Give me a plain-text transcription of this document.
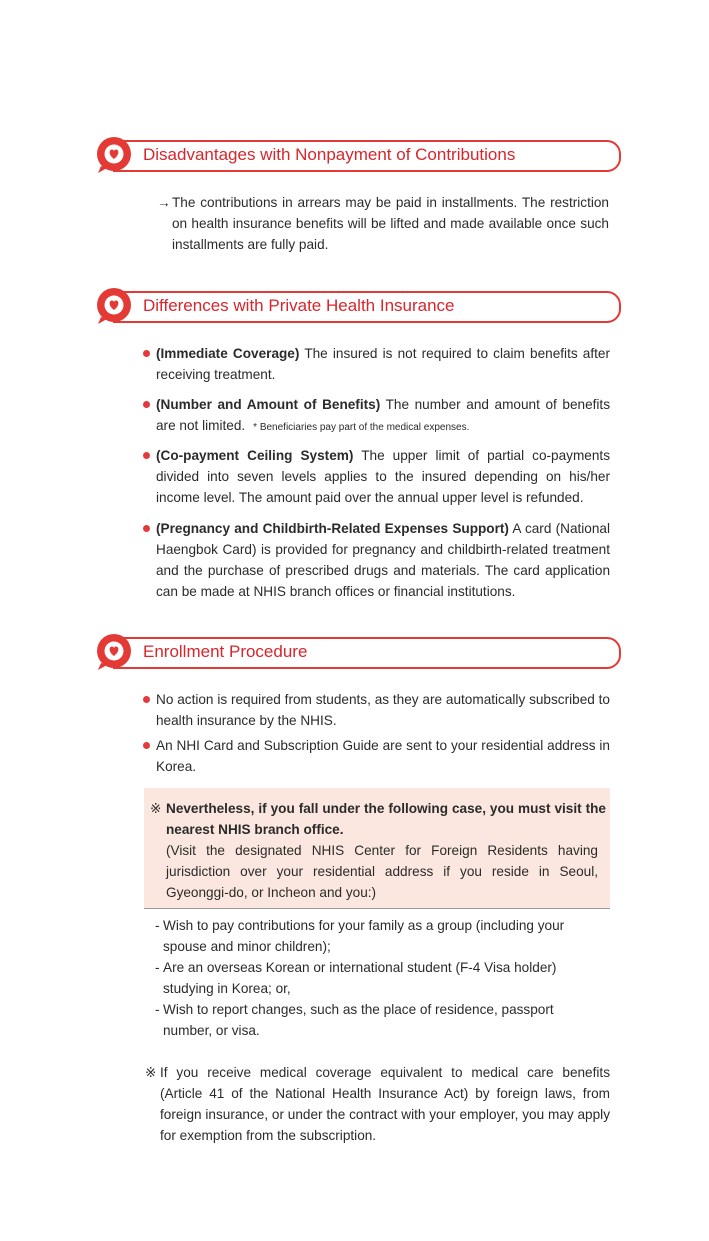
Disadvantages with Nonpayment of Contributions
→ The contributions in arrears may be paid in installments. The restriction on health insurance benefits will be lifted and made available once such installments are fully paid.
Differences with Private Health Insurance
(Immediate Coverage) The insured is not required to claim benefits after receiving treatment.
(Number and Amount of Benefits) The number and amount of benefits are not limited. * Beneficiaries pay part of the medical expenses.
(Co-payment Ceiling System) The upper limit of partial co-payments divided into seven levels applies to the insured depending on his/her income level. The amount paid over the annual upper level is refunded.
(Pregnancy and Childbirth-Related Expenses Support) A card (National Haengbok Card) is provided for pregnancy and childbirth-related treatment and the purchase of prescribed drugs and materials. The card application can be made at NHIS branch offices or financial institutions.
Enrollment Procedure
No action is required from students, as they are automatically subscribed to health insurance by the NHIS.
An NHI Card and Subscription Guide are sent to your residential address in Korea.
※ Nevertheless, if you fall under the following case, you must visit the nearest NHIS branch office.
(Visit the designated NHIS Center for Foreign Residents having jurisdiction over your residential address if you reside in Seoul, Gyeonggi-do, or Incheon and you:)

- Wish to pay contributions for your family as a group (including your spouse and minor children);

- Are an overseas Korean or international student (F-4 Visa holder) studying in Korea; or,

- Wish to report changes, such as the place of residence, passport number, or visa.

※ If you receive medical coverage equivalent to medical care benefits (Article 41 of the National Health Insurance Act) by foreign laws, from foreign insurance, or under the contract with your employer, you may apply for exemption from the subscription.
